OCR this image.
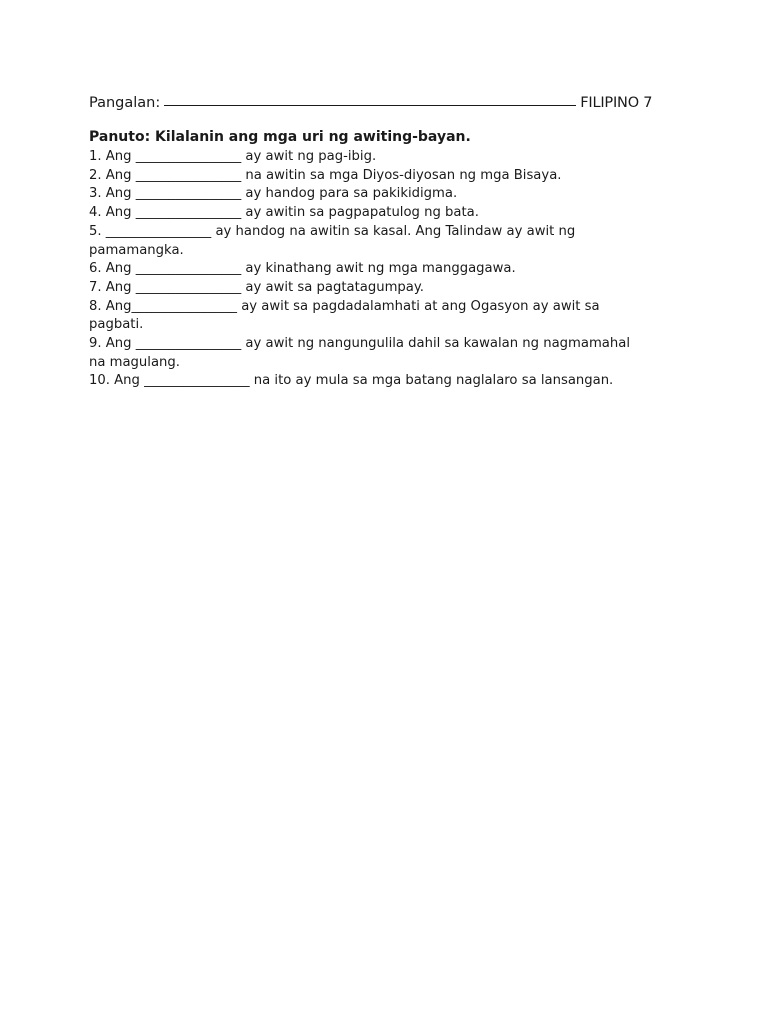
Pangalan:	FILIPINO 7
Panuto: Kilalanin ang mga uri ng awiting-bayan.
1. Ang ________________ ay awit ng pag-ibig.
2. Ang ________________ na awitin sa mga Diyos-diyosan ng mga Bisaya.
3. Ang ________________ ay handog para sa pakikidigma.
4. Ang ________________ ay awitin sa pagpapatulog ng bata.
5. ________________ ay handog na awitin sa kasal. Ang Talindaw ay awit ng
pamamangka.
6. Ang ________________ ay kinathang awit ng mga manggagawa.
7. Ang ________________ ay awit sa pagtatagumpay.
8. Ang________________ ay awit sa pagdadalamhati at ang Ogasyon ay awit sa
pagbati.
9. Ang ________________ ay awit ng nangungulila dahil sa kawalan ng nagmamahal
na magulang.
10. Ang ________________ na ito ay mula sa mga batang naglalaro sa lansangan.
